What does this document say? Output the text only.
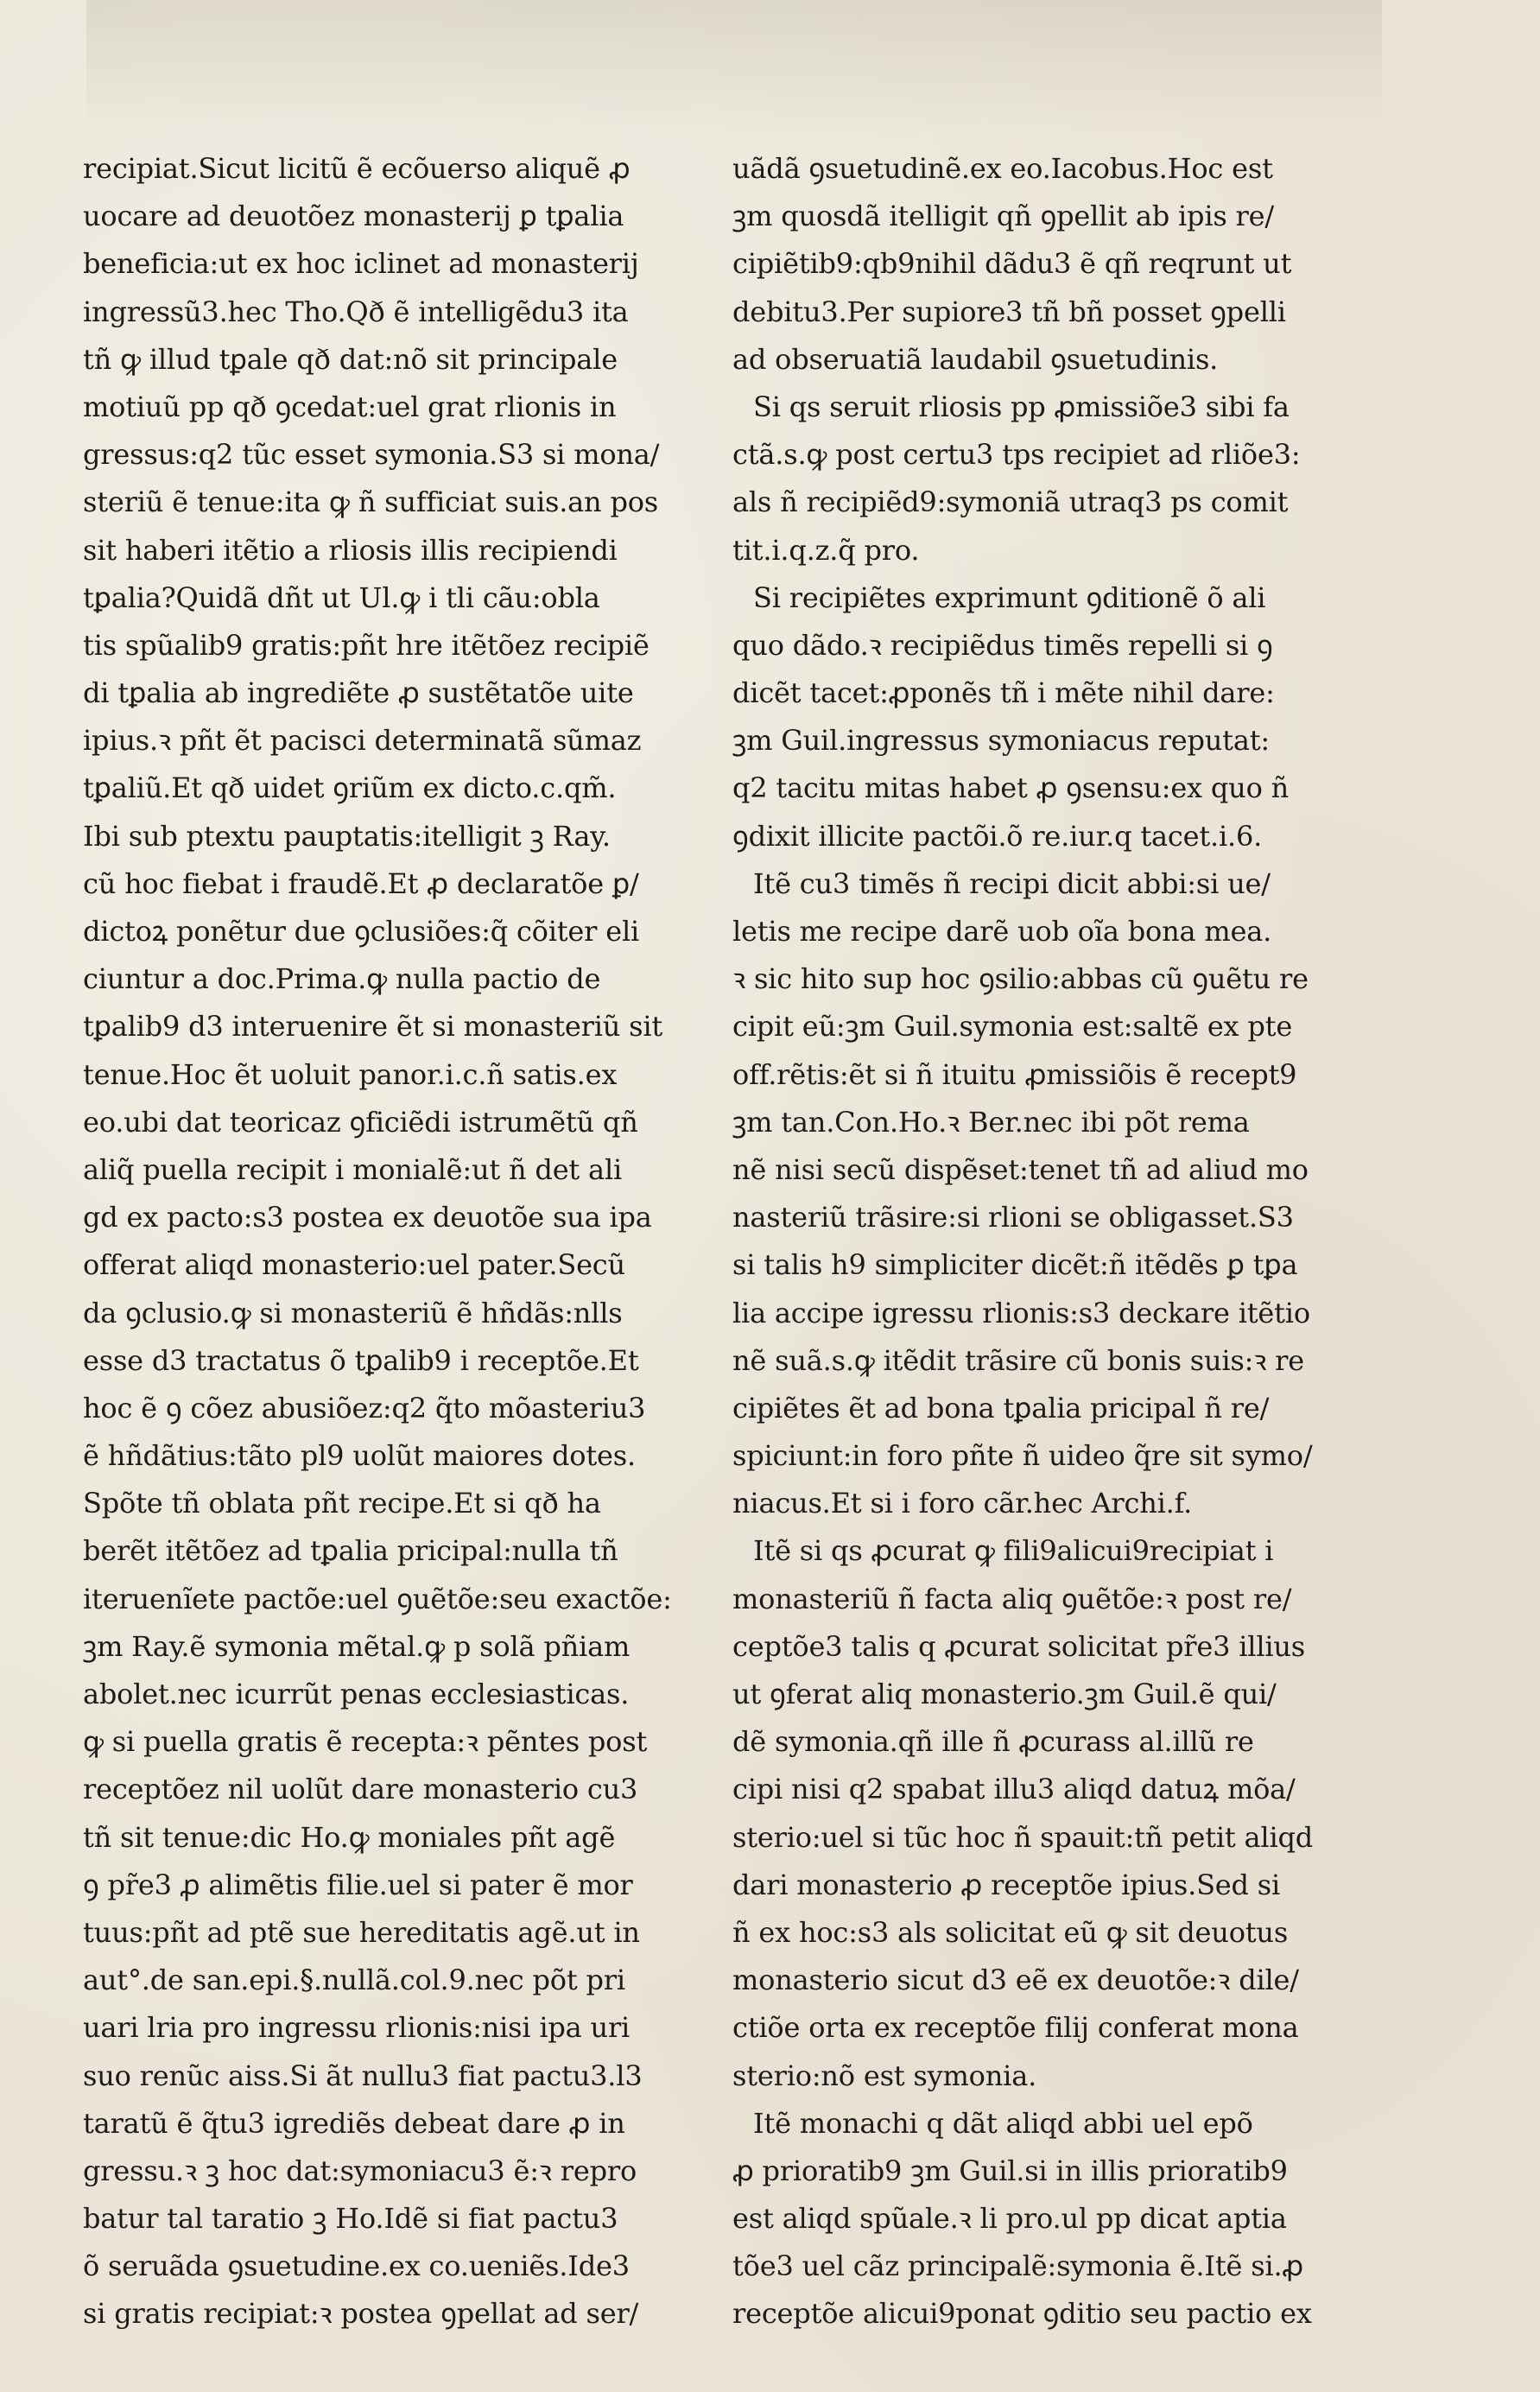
recipiat.Sicut licitũ ẽ ecõuerso aliquẽ ꝓ
uocare ad deuotõez monasterij ꝑ tꝑalia
beneficia:ut ex hoc iclinet ad monasterij
ingressũ3.hec Tho.Qð ẽ intelligẽdu3 ita
tñ ꝙ illud tꝑale qð dat:nõ sit principale
motiuũ pp qð ꝯcedat:uel grat rlionis in
gressus:q2 tũc esset symonia.S3 si mona/
steriũ ẽ tenue:ita ꝙ ñ sufficiat suis.an pos
sit haberi itẽtio a rliosis illis recipiendi
tꝑalia?Quidã dñt ut Ul.ꝙ i tli cãu:obla
tis spũalib9 gratis:pñt hre itẽtõez recipiẽ
di tꝑalia ab ingrediẽte ꝓ sustẽtatõe uite
ipius.ꝛ pñt ẽt pacisci determinatã sũmaz
tꝑaliũ.Et qð uidet ꝯriũm ex dicto.c.qm̃.
Ibi sub ptextu pauptatis:itelligit ꝫ Ray.
cũ hoc fiebat i fraudẽ.Et ꝓ declaratõe ꝑ/
dictoꝝ ponẽtur due ꝯclusiões:q̃ cõiter eli
ciuntur a doc.Prima.ꝙ nulla pactio de
tꝑalib9 d3 interuenire ẽt si monasteriũ sit
tenue.Hoc ẽt uoluit panor.i.c.ñ satis.ex
eo.ubi dat teoricaz ꝯficiẽdi istrumẽtũ qñ
aliq̃ puella recipit i monialẽ:ut ñ det ali
gd ex pacto:s3 postea ex deuotõe sua ipa
offerat aliqd monasterio:uel pater.Secũ
da ꝯclusio.ꝙ si monasteriũ ẽ hñdãs:nlls
esse d3 tractatus õ tꝑalib9 i receptõe.Et
hoc ẽ ꝯ cõez abusiõez:q2 q̃to mõasteriu3
ẽ hñdãtius:tãto pl9 uolũt maiores dotes.
Spõte tñ oblata pñt recipe.Et si qð ha
berẽt itẽtõez ad tꝑalia pricipal:nulla tñ
iteruenĩete pactõe:uel ꝯuẽtõe:seu exactõe:
ꝫm Ray.ẽ symonia mẽtal.ꝙ p solã pñiam
abolet.nec icurrũt penas ecclesiasticas.
ꝙ si puella gratis ẽ recepta:ꝛ pẽntes post
receptõez nil uolũt dare monasterio cu3
tñ sit tenue:dic Ho.ꝙ moniales pñt agẽ
ꝯ pr̃e3 ꝓ alimẽtis filie.uel si pater ẽ mor
tuus:pñt ad ptẽ sue hereditatis agẽ.ut in
aut°.de san.epi.§.nullã.col.9.nec põt pri
uari lria pro ingressu rlionis:nisi ipa uri
suo renũc aiss.Si ãt nullu3 fiat pactu3.l3
taratũ ẽ q̃tu3 igrediẽs debeat dare ꝓ in
gressu.ꝛ ꝫ hoc dat:symoniacu3 ẽ:ꝛ repro
batur tal taratio ꝫ Ho.Idẽ si fiat pactu3
õ seruãda ꝯsuetudine.ex co.ueniẽs.Ide3
si gratis recipiat:ꝛ postea ꝯpellat ad ser/
uãdã ꝯsuetudinẽ.ex eo.Iacobus.Hoc est
ꝫm quosdã itelligit qñ ꝯpellit ab ipis re/
cipiẽtib9:qb9nihil dãdu3 ẽ qñ reqrunt ut
debitu3.Per supiore3 tñ bñ posset ꝯpelli
ad obseruatiã laudabil ꝯsuetudinis.
Si qs seruit rliosis pp ꝓmissiõe3 sibi fa
ctã.s.ꝙ post certu3 tps recipiet ad rliõe3:
als ñ recipiẽd9:symoniã utraq3 ps comit
tit.i.q.z.q̃ pro.
Si recipiẽtes exprimunt ꝯditionẽ õ ali
quo dãdo.ꝛ recipiẽdus timẽs repelli si ꝯ
dicẽt tacet:ꝓponẽs tñ i mẽte nihil dare:
ꝫm Guil.ingressus symoniacus reputat:
q2 tacitu mitas habet ꝓ ꝯsensu:ex quo ñ
ꝯdixit illicite pactõi.õ re.iur.q tacet.i.6.
Itẽ cu3 timẽs ñ recipi dicit abbi:si ue/
letis me recipe darẽ uob oĩa bona mea.
ꝛ sic hito sup hoc ꝯsilio:abbas cũ ꝯuẽtu re
cipit eũ:ꝫm Guil.symonia est:saltẽ ex pte
off.rẽtis:ẽt si ñ ituitu ꝓmissiõis ẽ recept9
ꝫm tan.Con.Ho.ꝛ Ber.nec ibi põt rema
nẽ nisi secũ dispẽset:tenet tñ ad aliud mo
nasteriũ trãsire:si rlioni se obligasset.S3
si talis h9 simpliciter dicẽt:ñ itẽdẽs ꝑ tꝑa
lia accipe igressu rlionis:s3 deckare itẽtio
nẽ suã.s.ꝙ itẽdit trãsire cũ bonis suis:ꝛ re
cipiẽtes ẽt ad bona tꝑalia pricipal ñ re/
spiciunt:in foro pñte ñ uideo q̃re sit symo/
niacus.Et si i foro cãr.hec Archi.f.
Itẽ si qs ꝓcurat ꝙ fili9alicui9recipiat i
monasteriũ ñ facta aliq ꝯuẽtõe:ꝛ post re/
ceptõe3 talis q ꝓcurat solicitat pr̃e3 illius
ut ꝯferat aliq monasterio.ꝫm Guil.ẽ qui/
dẽ symonia.qñ ille ñ ꝓcurass al.illũ re
cipi nisi q2 spabat illu3 aliqd datuꝝ mõa/
sterio:uel si tũc hoc ñ spauit:tñ petit aliqd
dari monasterio ꝓ receptõe ipius.Sed si
ñ ex hoc:s3 als solicitat eũ ꝙ sit deuotus
monasterio sicut d3 eẽ ex deuotõe:ꝛ dile/
ctiõe orta ex receptõe filij conferat mona
sterio:nõ est symonia.
Itẽ monachi q dãt aliqd abbi uel epõ
ꝓ prioratib9 ꝫm Guil.si in illis prioratib9
est aliqd spũale.ꝛ li pro.ul pp dicat aptia
tõe3 uel cãz principalẽ:symonia ẽ.Itẽ si.ꝓ
receptõe alicui9ponat ꝯditio seu pactio ex
